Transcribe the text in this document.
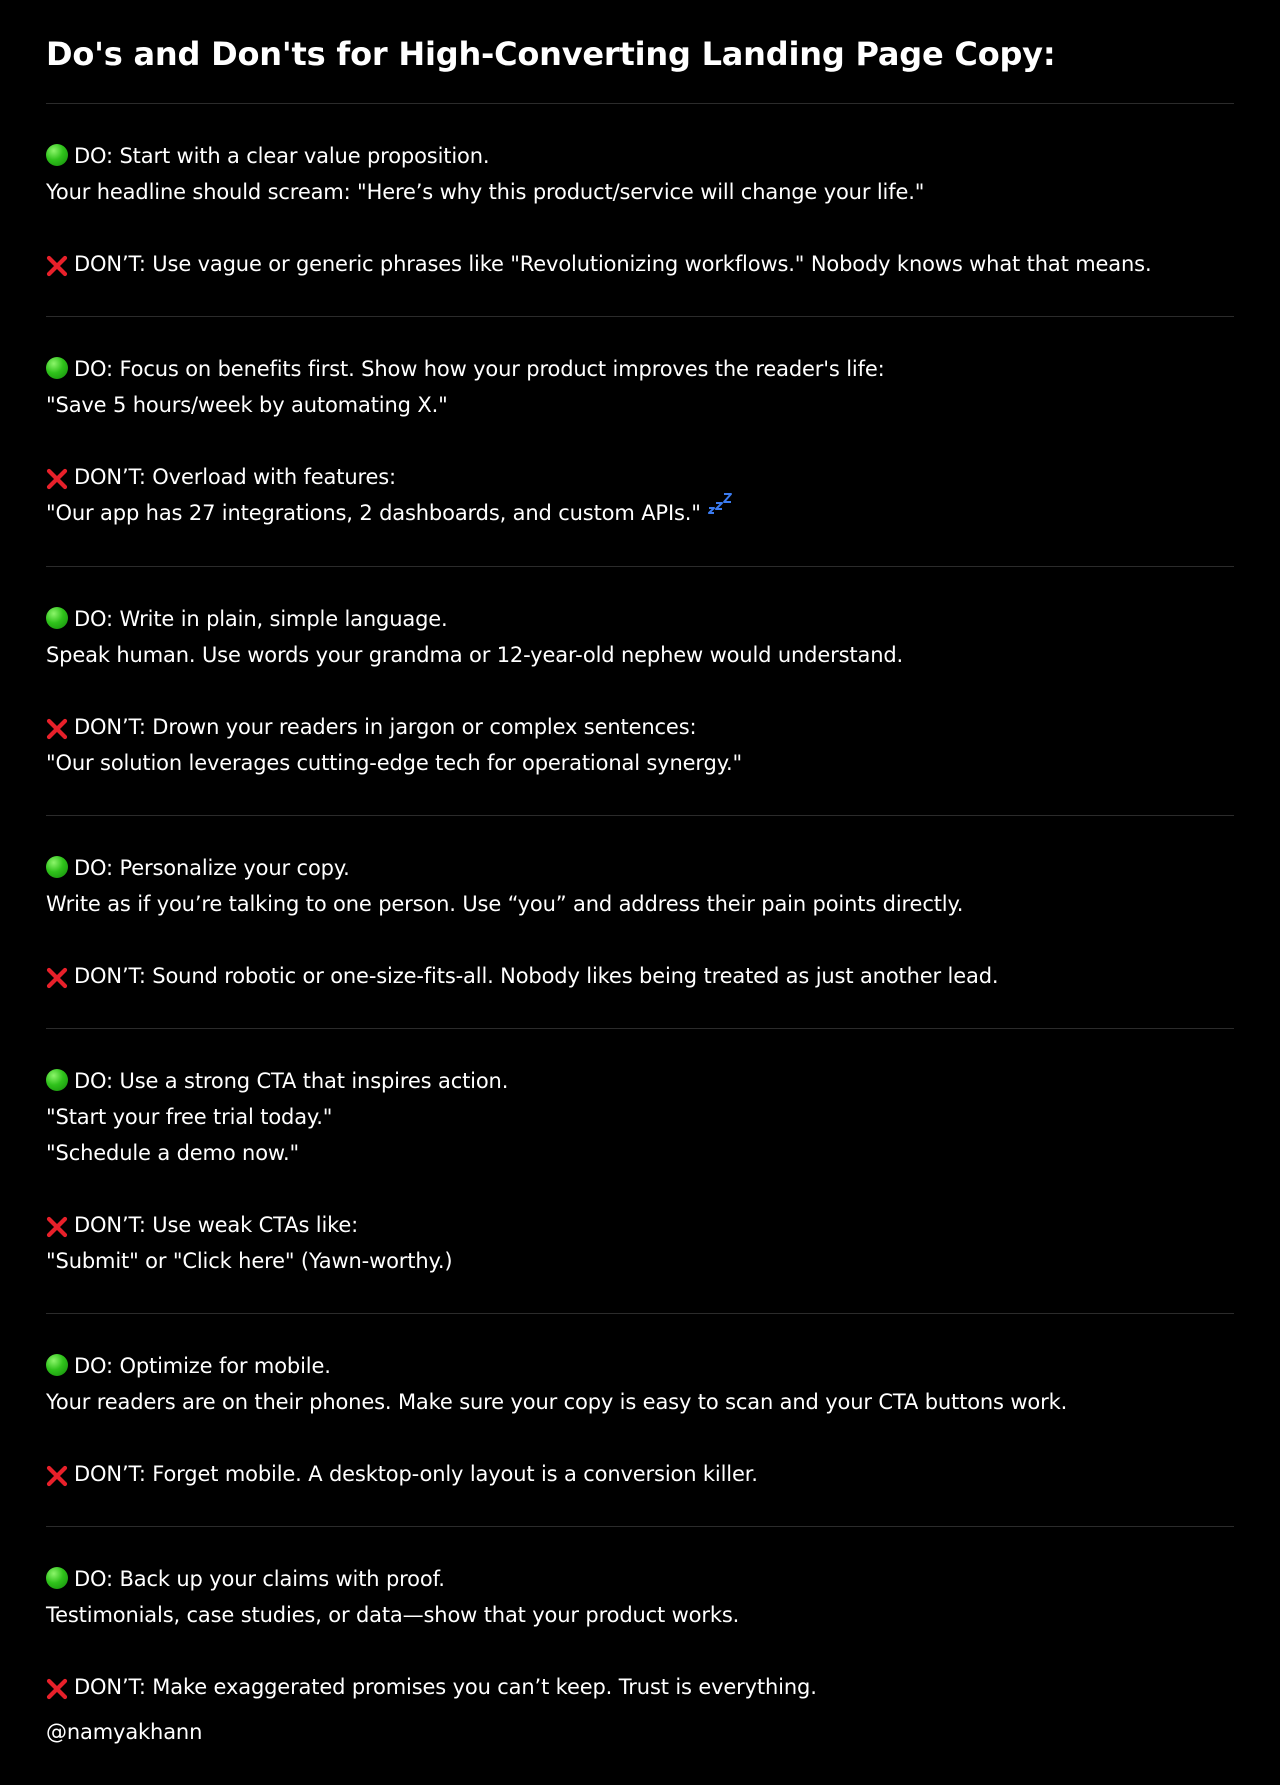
Do's and Don'ts for High-Converting Landing Page Copy:
DO: Start with a clear value proposition.
Your headline should scream: "Here’s why this product/service will change your life."
DON’T: Use vague or generic phrases like "Revolutionizing workflows." Nobody knows what that means.
DO: Focus on benefits first. Show how your product improves the reader's life:
"Save 5 hours/week by automating X."
DON’T: Overload with features:
"Our app has 27 integrations, 2 dashboards, and custom APIs."
DO: Write in plain, simple language.
Speak human. Use words your grandma or 12-year-old nephew would understand.
DON’T: Drown your readers in jargon or complex sentences:
"Our solution leverages cutting-edge tech for operational synergy."
DO: Personalize your copy.
Write as if you’re talking to one person. Use “you” and address their pain points directly.
DON’T: Sound robotic or one-size-fits-all. Nobody likes being treated as just another lead.
DO: Use a strong CTA that inspires action.
"Start your free trial today."
"Schedule a demo now."
DON’T: Use weak CTAs like:
"Submit" or "Click here" (Yawn-worthy.)
DO: Optimize for mobile.
Your readers are on their phones. Make sure your copy is easy to scan and your CTA buttons work.
DON’T: Forget mobile. A desktop-only layout is a conversion killer.
DO: Back up your claims with proof.
Testimonials, case studies, or data—show that your product works.
DON’T: Make exaggerated promises you can’t keep. Trust is everything.
@namyakhann
